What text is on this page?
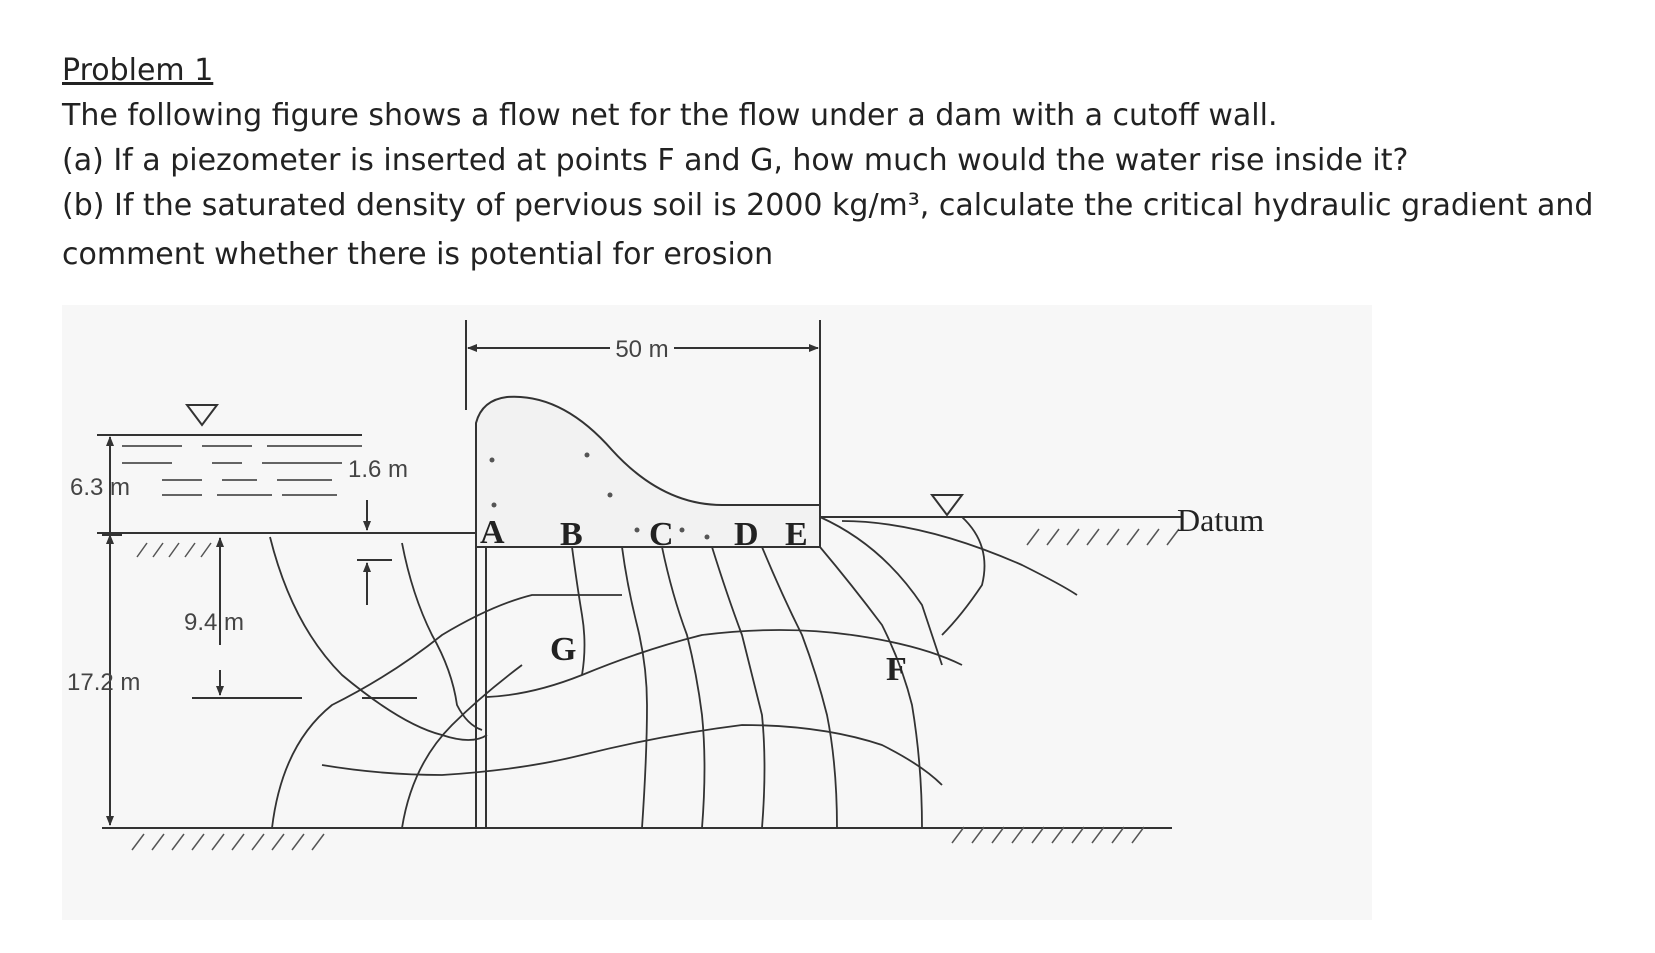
Problem 1

The following figure shows a flow net for the flow under a dam with a cutoff wall.

(a) If a piezometer is inserted at points F and G, how much would the water rise inside it?

(b) If the saturated density of pervious soil is 2000 kg/m³, calculate the critical hydraulic gradient and

comment whether there is potential for erosion

50 m
6.3 m
1.6 m
9.4 m
17.2 m
Datum
A B C D E
G
F
